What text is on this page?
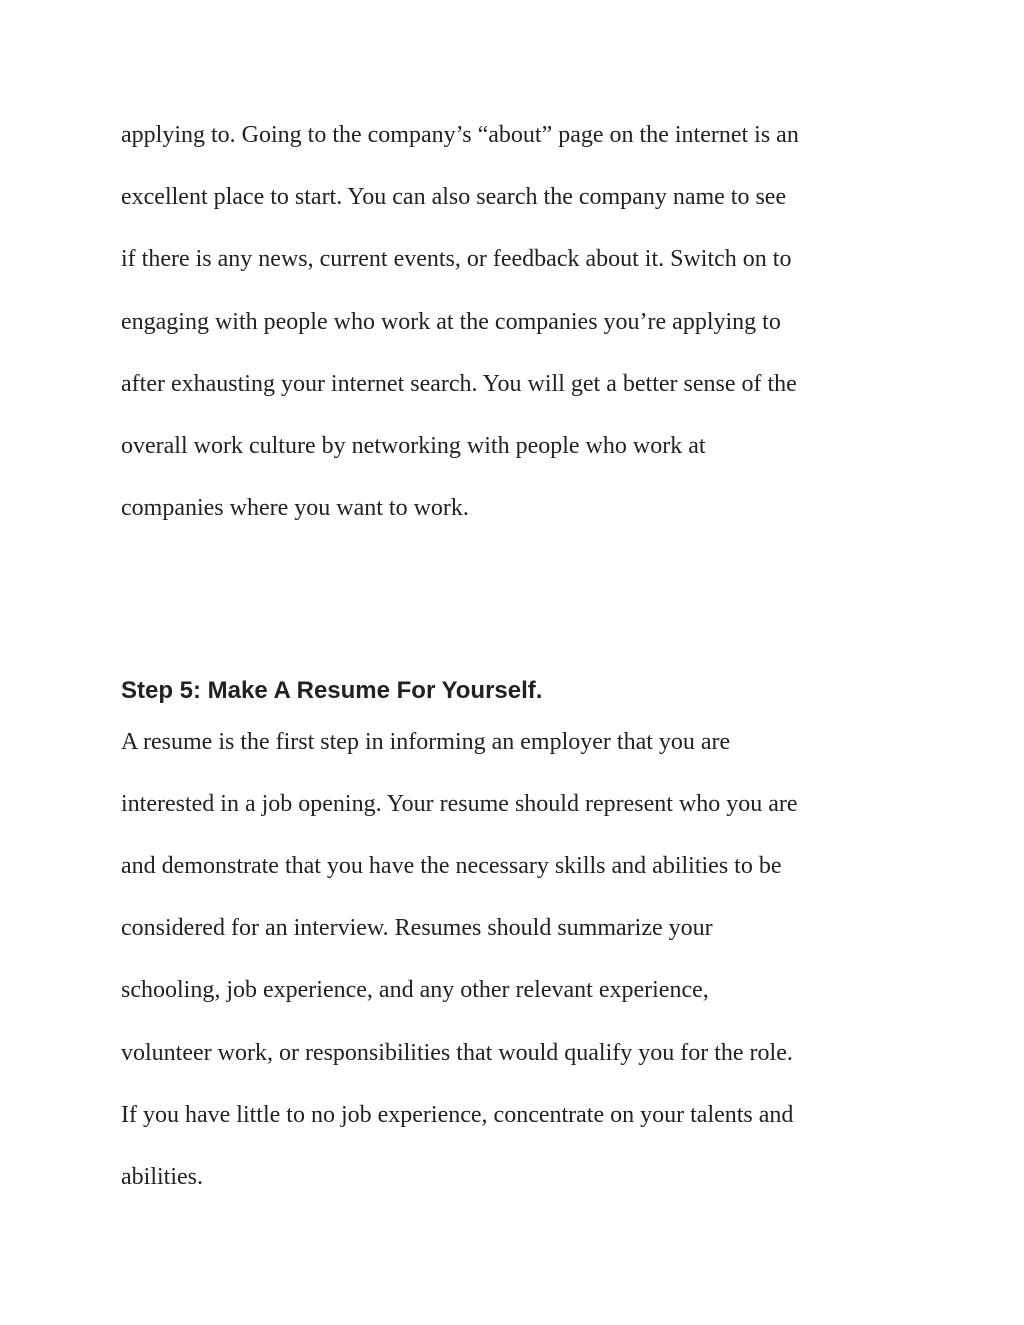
applying to. Going to the company’s “about” page on the internet is an
excellent place to start. You can also search the company name to see
if there is any news, current events, or feedback about it. Switch on to
engaging with people who work at the companies you’re applying to
after exhausting your internet search. You will get a better sense of the
overall work culture by networking with people who work at
companies where you want to work.
Step 5: Make A Resume For Yourself.
A resume is the first step in informing an employer that you are
interested in a job opening. Your resume should represent who you are
and demonstrate that you have the necessary skills and abilities to be
considered for an interview. Resumes should summarize your
schooling, job experience, and any other relevant experience,
volunteer work, or responsibilities that would qualify you for the role.
If you have little to no job experience, concentrate on your talents and
abilities.
